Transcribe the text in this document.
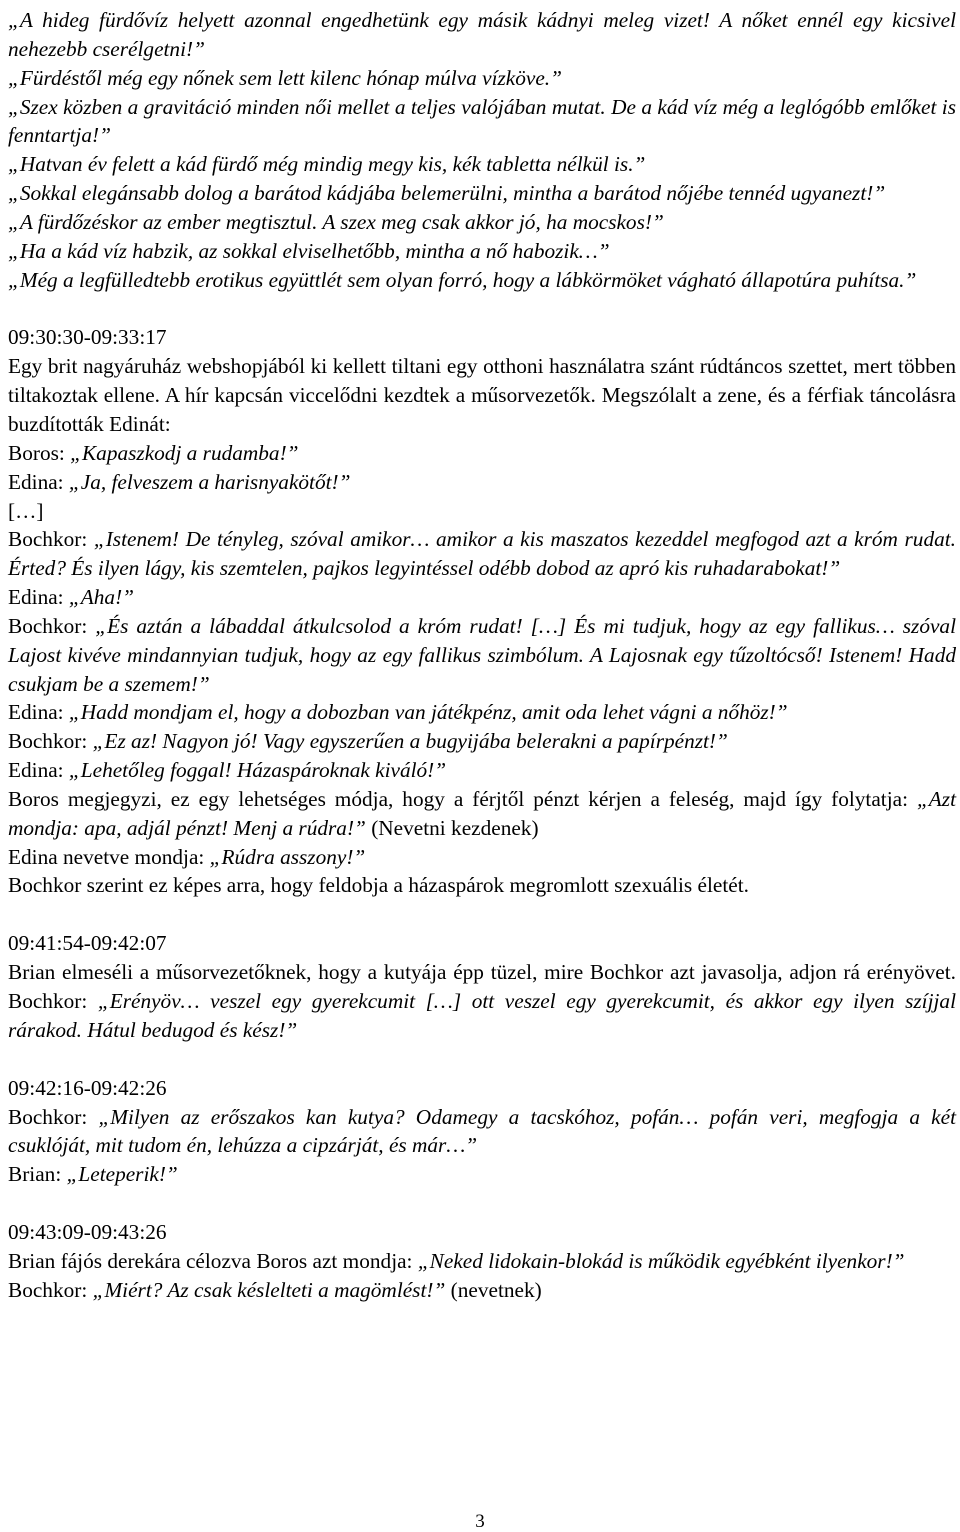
„A hideg fürdővíz helyett azonnal engedhetünk egy másik kádnyi meleg vizet! A nőket ennél egy kicsivel nehezebb cserélgetni!”

„Fürdéstől még egy nőnek sem lett kilenc hónap múlva vízköve.”

„Szex közben a gravitáció minden női mellet a teljes valójában mutat. De a kád víz még a leglógóbb emlőket is fenntartja!”

„Hatvan év felett a kád fürdő még mindig megy kis, kék tabletta nélkül is.”

„Sokkal elegánsabb dolog a barátod kádjába belemerülni, mintha a barátod nőjébe tennéd ugyanezt!”

„A fürdőzéskor az ember megtisztul. A szex meg csak akkor jó, ha mocskos!”

„Ha a kád víz habzik, az sokkal elviselhetőbb, mintha a nő habozik…”

„Még a legfülledtebb erotikus együttlét sem olyan forró, hogy a lábkörmöket vágható állapotúra puhítsa.”

09:30:30-09:33:17

Egy brit nagyáruház webshopjából ki kellett tiltani egy otthoni használatra szánt rúdtáncos szettet, mert többen tiltakoztak ellene. A hír kapcsán viccelődni kezdtek a műsorvezetők. Megszólalt a zene, és a férfiak táncolásra buzdították Edinát:

Boros: „Kapaszkodj a rudamba!”

Edina: „Ja, felveszem a harisnyakötőt!”

[…]

Bochkor: „Istenem! De tényleg, szóval amikor… amikor a kis maszatos kezeddel megfogod azt a króm rudat. Érted? És ilyen lágy, kis szemtelen, pajkos legyintéssel odébb dobod az apró kis ruhadarabokat!”

Edina: „Aha!”

Bochkor: „És aztán a lábaddal átkulcsolod a króm rudat! […] És mi tudjuk, hogy az egy fallikus… szóval Lajost kivéve mindannyian tudjuk, hogy az egy fallikus szimbólum. A Lajosnak egy tűzoltócső! Istenem! Hadd csukjam be a szemem!”

Edina: „Hadd mondjam el, hogy a dobozban van játékpénz, amit oda lehet vágni a nőhöz!”

Bochkor: „Ez az! Nagyon jó! Vagy egyszerűen a bugyijába belerakni a papírpénzt!”

Edina: „Lehetőleg foggal! Házaspároknak kiváló!”

Boros megjegyzi, ez egy lehetséges módja, hogy a férjtől pénzt kérjen a feleség, majd így folytatja: „Azt mondja: apa, adjál pénzt! Menj a rúdra!” (Nevetni kezdenek)

Edina nevetve mondja: „Rúdra asszony!”

Bochkor szerint ez képes arra, hogy feldobja a házaspárok megromlott szexuális életét.

09:41:54-09:42:07

Brian elmeséli a műsorvezetőknek, hogy a kutyája épp tüzel, mire Bochkor azt javasolja, adjon rá erényövet. Bochkor: „Erényöv… veszel egy gyerekcumit […] ott veszel egy gyerekcumit, és akkor egy ilyen szíjjal rárakod. Hátul bedugod és kész!”

09:42:16-09:42:26

Bochkor: „Milyen az erőszakos kan kutya? Odamegy a tacskóhoz, pofán… pofán veri, megfogja a két csuklóját, mit tudom én, lehúzza a cipzárját, és már…”

Brian: „Leteperik!”

09:43:09-09:43:26

Brian fájós derekára célozva Boros azt mondja: „Neked lidokain-blokád is működik egyébként ilyenkor!”

Bochkor: „Miért? Az csak késlelteti a magömlést!” (nevetnek)

3
